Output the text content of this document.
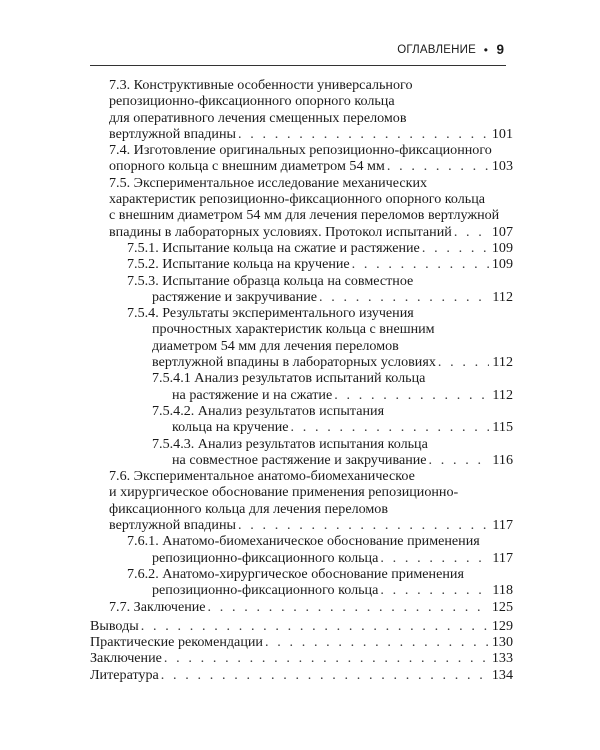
ОГЛАВЛЕНИЕ • 9
7.3. Конструктивные особенности универсального
репозиционно-фиксационного опорного кольца
для оперативного лечения смещенных переломов
вертлужной впадины . . .	101
7.4. Изготовление оригинальных репозиционно-фиксационного
опорного кольца с внешним диаметром 54 мм . . .	103
7.5. Экспериментальное исследование механических
характеристик репозиционно-фиксационного опорного кольца
с внешним диаметром 54 мм для лечения переломов вертлужной
впадины в лабораторных условиях. Протокол испытаний . . .	107
7.5.1. Испытание кольца на сжатие и растяжение . . .	109
7.5.2. Испытание кольца на кручение . . .	109
7.5.3. Испытание образца кольца на совместное
растяжение и закручивание . . .	112
7.5.4. Результаты экспериментального изучения
прочностных характеристик кольца с внешним
диаметром 54 мм для лечения переломов
вертлужной впадины в лабораторных условиях . . .	112
7.5.4.1 Анализ результатов испытаний кольца
на растяжение и на сжатие . . .	112
7.5.4.2. Анализ результатов испытания
кольца на кручение . . .	115
7.5.4.3. Анализ результатов испытания кольца
на совместное растяжение и закручивание . . .	116
7.6. Экспериментальное анатомо-биомеханическое
и хирургическое обоснование применения репозиционно-
фиксационного кольца для лечения переломов
вертлужной впадины . . .	117
7.6.1. Анатомо-биомеханическое обоснование применения
репозиционно-фиксационного кольца . . .	117
7.6.2. Анатомо-хирургическое обоснование применения
репозиционно-фиксационного кольца . . .	118
7.7. Заключение . . .	125
Выводы . . .	129
Практические рекомендации . . .	130
Заключение . . .	133
Литература . . .	134
